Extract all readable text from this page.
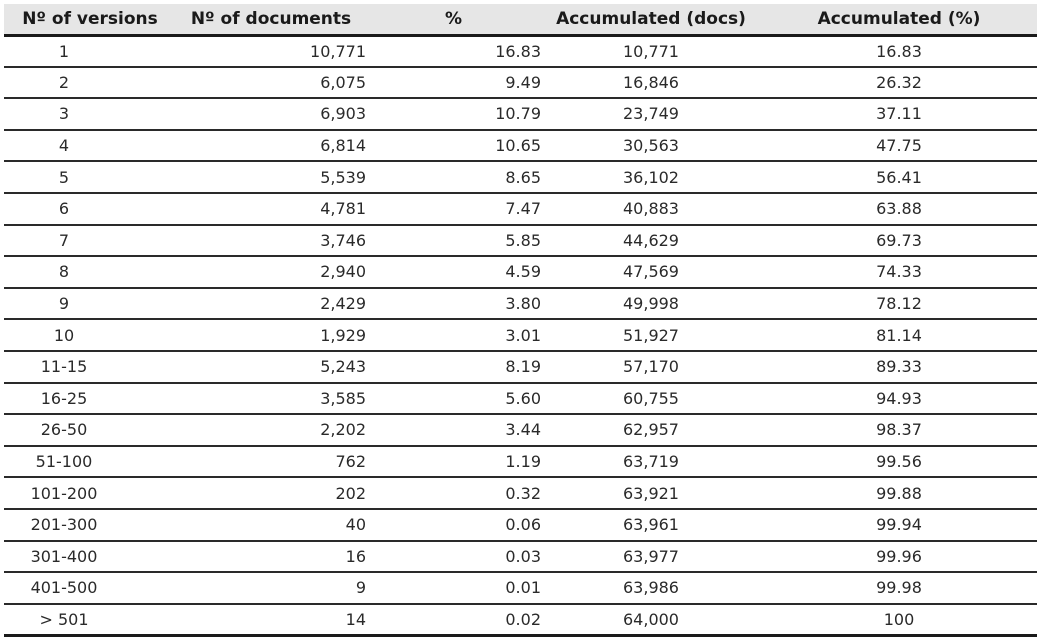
Nº of versions	Nº of documents	%	Accumulated (docs)	Accumulated (%)
1	10,771	16.83	10,771	16.83
2	6,075	9.49	16,846	26.32
3	6,903	10.79	23,749	37.11
4	6,814	10.65	30,563	47.75
5	5,539	8.65	36,102	56.41
6	4,781	7.47	40,883	63.88
7	3,746	5.85	44,629	69.73
8	2,940	4.59	47,569	74.33
9	2,429	3.80	49,998	78.12
10	1,929	3.01	51,927	81.14
11-15	5,243	8.19	57,170	89.33
16-25	3,585	5.60	60,755	94.93
26-50	2,202	3.44	62,957	98.37
51-100	762	1.19	63,719	99.56
101-200	202	0.32	63,921	99.88
201-300	40	0.06	63,961	99.94
301-400	16	0.03	63,977	99.96
401-500	9	0.01	63,986	99.98
> 501	14	0.02	64,000	100
